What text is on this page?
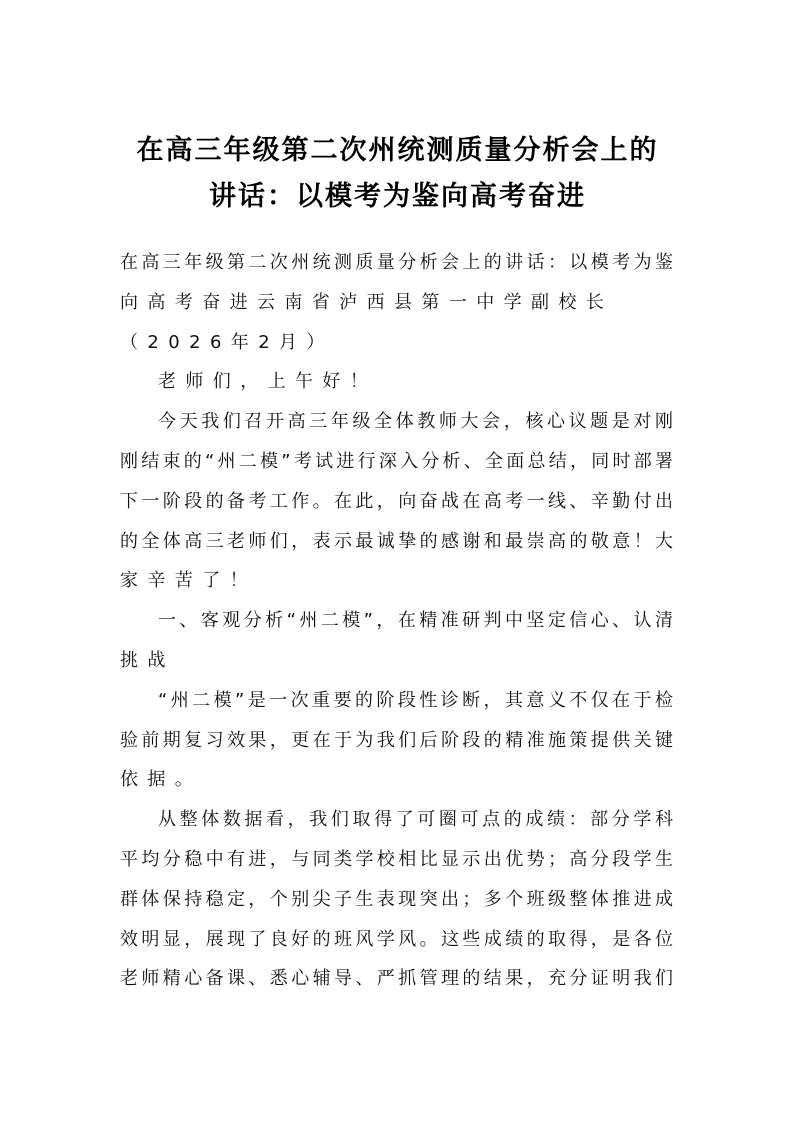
在高三年级第二次州统测质量分析会上的
讲话：以模考为鉴向高考奋进
在高三年级第二次州统测质量分析会上的讲话：以模考为鉴
向高考奋进云南省泸西县第一中学副校长
（2026年2月）
老师们，上午好！
今天我们召开高三年级全体教师大会，核心议题是对刚
刚结束的“州二模”考试进行深入分析、全面总结，同时部署
下一阶段的备考工作。在此，向奋战在高考一线、辛勤付出
的全体高三老师们，表示最诚挚的感谢和最崇高的敬意！大
家辛苦了！
一、客观分析“州二模”，在精准研判中坚定信心、认清
挑战
“州二模”是一次重要的阶段性诊断，其意义不仅在于检
验前期复习效果，更在于为我们后阶段的精准施策提供关键
依据。
从整体数据看，我们取得了可圈可点的成绩：部分学科
平均分稳中有进，与同类学校相比显示出优势；高分段学生
群体保持稳定，个别尖子生表现突出；多个班级整体推进成
效明显，展现了良好的班风学风。这些成绩的取得，是各位
老师精心备课、悉心辅导、严抓管理的结果，充分证明我们
